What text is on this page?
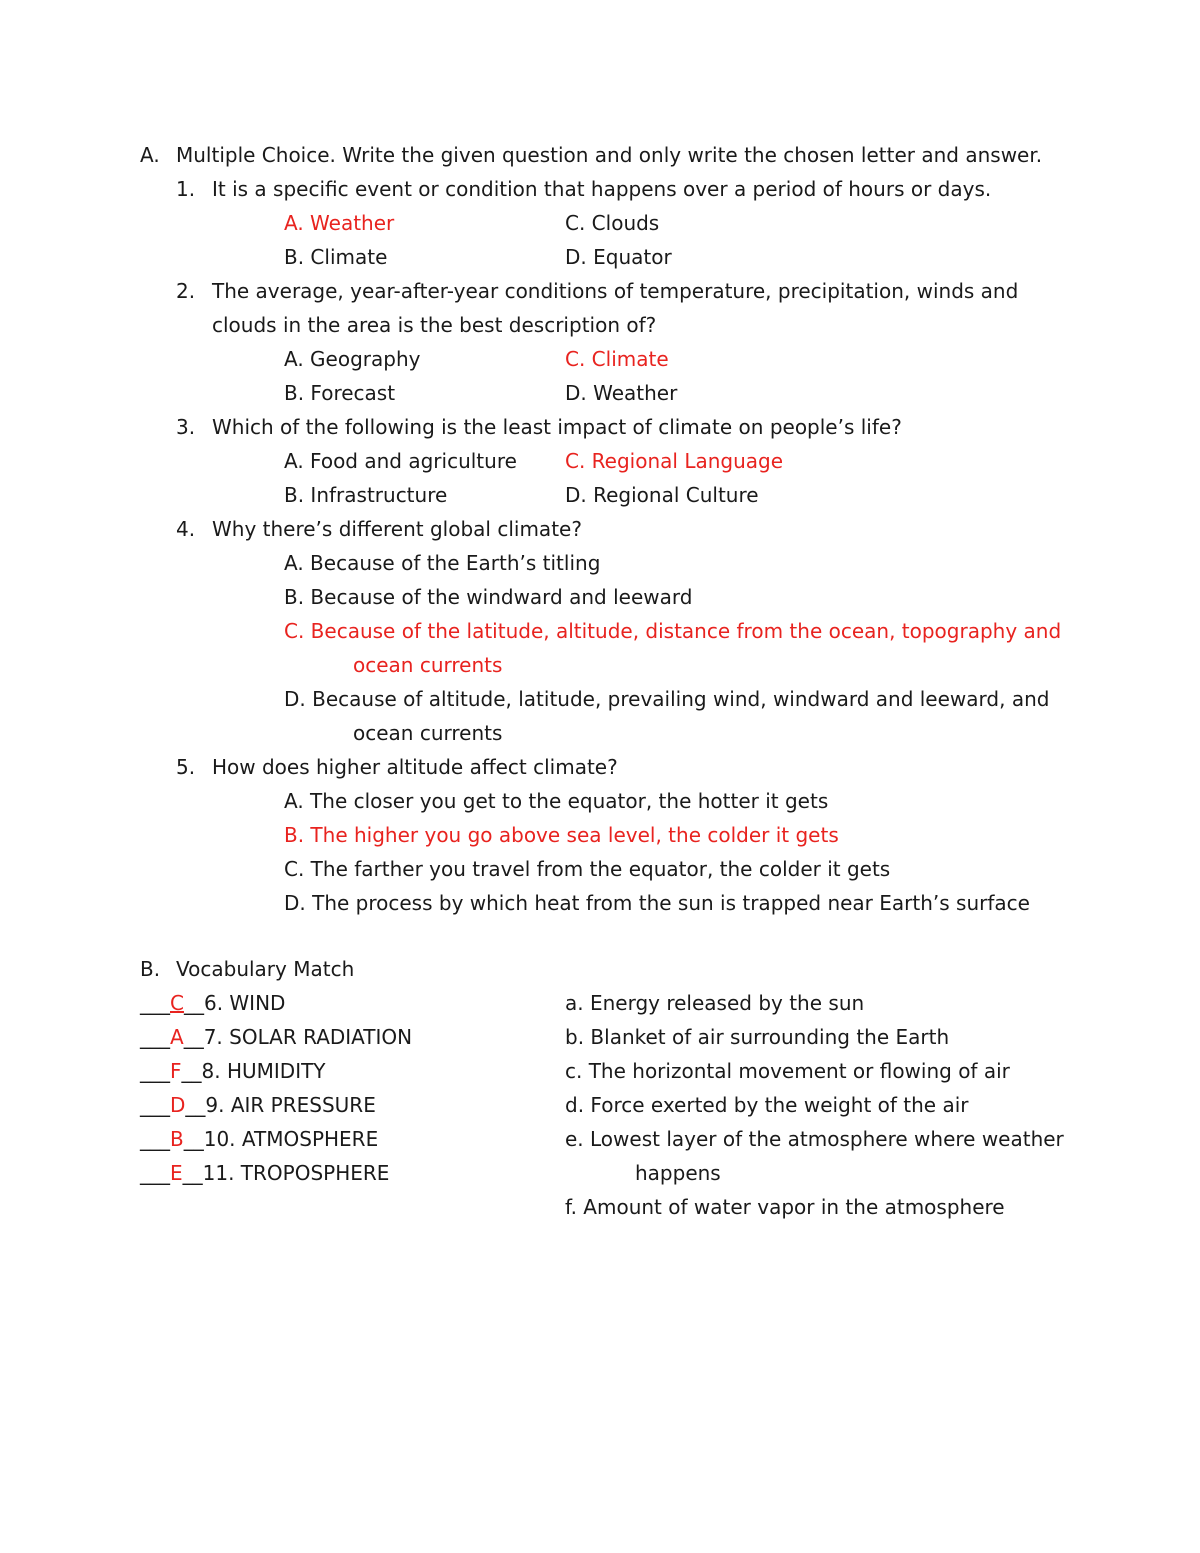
A. Multiple Choice. Write the given question and only write the chosen letter and answer.
1. It is a specific event or condition that happens over a period of hours or days.
A. Weather	C. Clouds
B. Climate	D. Equator
2. The average, year-after-year conditions of temperature, precipitation, winds and
clouds in the area is the best description of?
A. Geography	C. Climate
B. Forecast	D. Weather
3. Which of the following is the least impact of climate on people’s life?
A. Food and agriculture C. Regional Language
B. Infrastructure	D. Regional Culture
4. Why there’s different global climate?
A. Because of the Earth’s titling
B. Because of the windward and leeward
C. Because of the latitude, altitude, distance from the ocean, topography and
ocean currents
D. Because of altitude, latitude, prevailing wind, windward and leeward, and
ocean currents
5. How does higher altitude affect climate?
A. The closer you get to the equator, the hotter it gets
B. The higher you go above sea level, the colder it gets
C. The farther you travel from the equator, the colder it gets
D. The process by which heat from the sun is trapped near Earth’s surface
B. Vocabulary Match
___C__6. WIND	a. Energy released by the sun
___A__7. SOLAR RADIATION	b. Blanket of air surrounding the Earth
___F__8. HUMIDITY	c. The horizontal movement or flowing of air
___D__9. AIR PRESSURE	d. Force exerted by the weight of the air
___B__10. ATMOSPHERE	e. Lowest layer of the atmosphere where weather
___E__11. TROPOSPHERE	happens
f. Amount of water vapor in the atmosphere
